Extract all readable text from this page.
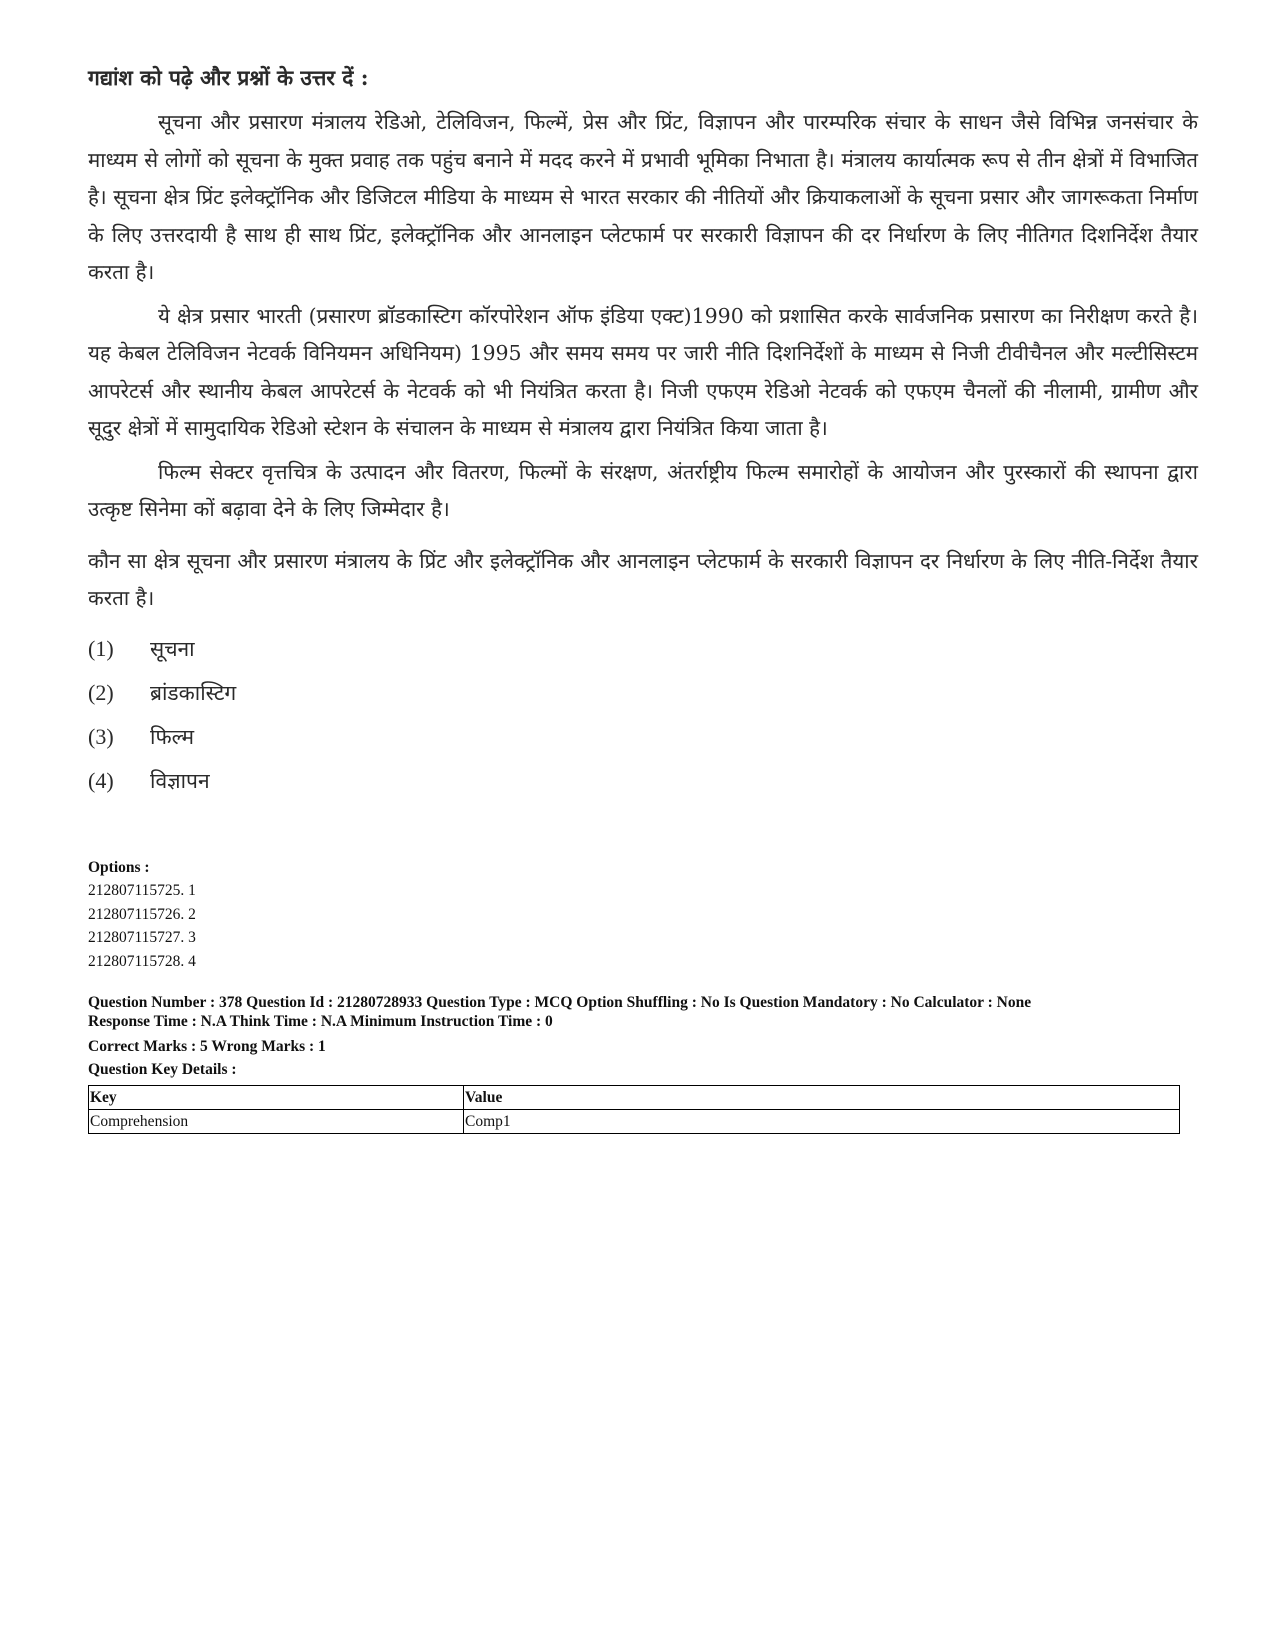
गद्यांश को पढ़े और प्रश्नों के उत्तर दें :

सूचना और प्रसारण मंत्रालय रेडिओ, टेलिविजन, फिल्में, प्रेस और प्रिंट, विज्ञापन और पारम्परिक संचार के साधन जैसे विभिन्न जनसंचार के माध्यम से लोगों को सूचना के मुक्त प्रवाह तक पहुंच बनाने में मदद करने में प्रभावी भूमिका निभाता है। मंत्रालय कार्यात्मक रूप से तीन क्षेत्रों में विभाजित है। सूचना क्षेत्र प्रिंट इलेक्ट्रॉनिक और डिजिटल मीडिया के माध्यम से भारत सरकार की नीतियों और क्रियाकलाओं के सूचना प्रसार और जागरूकता निर्माण के लिए उत्तरदायी है साथ ही साथ प्रिंट, इलेक्ट्रॉनिक और आनलाइन प्लेटफार्म पर सरकारी विज्ञापन की दर निर्धारण के लिए नीतिगत दिशनिर्देश तैयार करता है।

ये क्षेत्र प्रसार भारती (प्रसारण ब्रॉडकास्टिग कॉरपोरेशन ऑफ इंडिया एक्ट)1990 को प्रशासित करके सार्वजनिक प्रसारण का निरीक्षण करते है। यह केबल टेलिविजन नेटवर्क विनियमन अधिनियम) 1995 और समय समय पर जारी नीति दिशनिर्देशों के माध्यम से निजी टीवीचैनल और मल्टीसिस्टम आपरेटर्स और स्थानीय केबल आपरेटर्स के नेटवर्क को भी नियंत्रित करता है। निजी एफएम रेडिओ नेटवर्क को एफएम चैनलों की नीलामी, ग्रामीण और सूदुर क्षेत्रों में सामुदायिक रेडिओ स्टेशन के संचालन के माध्यम से मंत्रालय द्वारा नियंत्रित किया जाता है।

फिल्म सेक्टर वृत्तचित्र के उत्पादन और वितरण, फिल्मों के संरक्षण, अंतर्राष्ट्रीय फिल्म समारोहों के आयोजन और पुरस्कारों की स्थापना द्वारा उत्कृष्ट सिनेमा कों बढ़ावा देने के लिए जिम्मेदार है।

कौन सा क्षेत्र सूचना और प्रसारण मंत्रालय के प्रिंट और इलेक्ट्रॉनिक और आनलाइन प्लेटफार्म के सरकारी विज्ञापन दर निर्धारण के लिए नीति-निर्देश तैयार करता है।

(1)	सूचना
(2)	ब्रांडकास्टिग
(3)	फिल्म
(4)	विज्ञापन
Options :
212807115725. 1
212807115726. 2
212807115727. 3
212807115728. 4
Question Number : 378 Question Id : 21280728933 Question Type : MCQ Option Shuffling : No Is Question Mandatory : No Calculator : None
Response Time : N.A Think Time : N.A Minimum Instruction Time : 0
Correct Marks : 5 Wrong Marks : 1
Question Key Details :
Key	Value
Comprehension	Comp1
